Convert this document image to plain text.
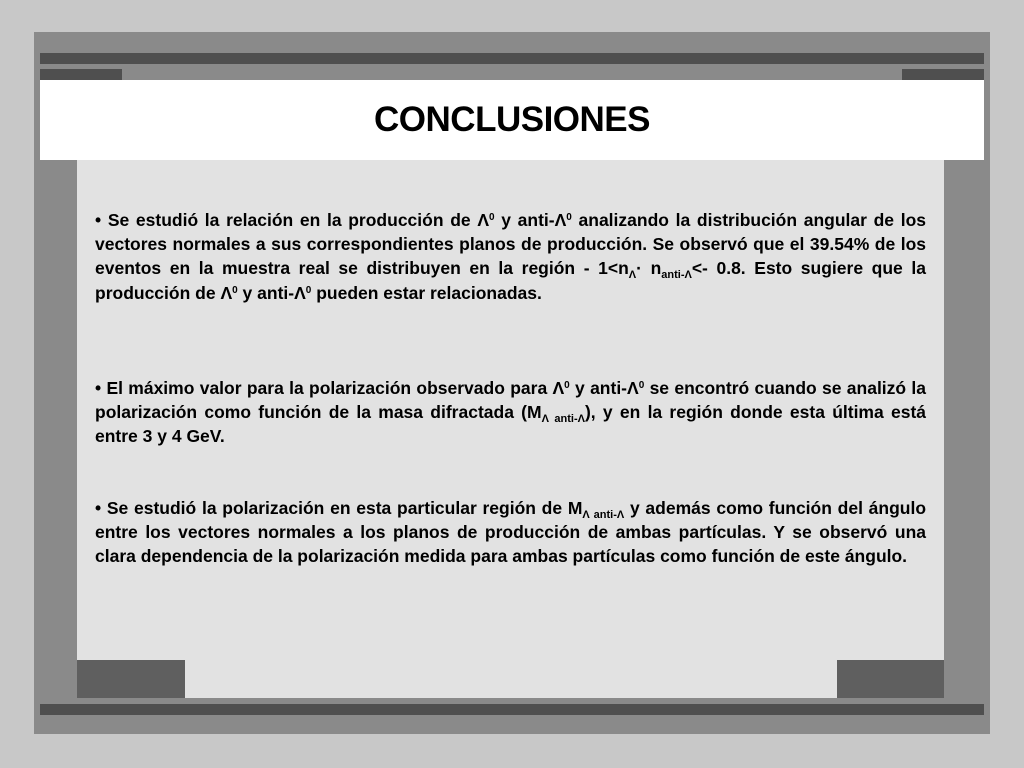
CONCLUSIONES
• Se estudió la relación en la producción de $\Lambda^0$ y anti-$\Lambda^0$ analizando la distribución angular de los vectores normales a sus correspondientes planos de producción. Se observó que el 39.54% de los eventos en la muestra real se distribuyen en la región - $1<n_\Lambda\cdot n_{anti-\Lambda}<-$ 0.8. Esto sugiere que la producción de $\Lambda^0$ y anti-$\Lambda^0$ pueden estar relacionadas.
• El máximo valor para la polarización observado para $\Lambda^0$ y anti-$\Lambda^0$ se encontró cuando se analizó la polarización como función de la masa difractada $(M_{\Lambda anti-\Lambda})$, y en la región donde esta última está entre 3 y 4 GeV.
• Se estudió la polarización en esta particular región de $M_{\Lambda anti-\Lambda}$ y además como función del ángulo entre los vectores normales a los planos de producción de ambas partículas. Y se observó una clara dependencia de la polarización medida para ambas partículas como función de este ángulo.
